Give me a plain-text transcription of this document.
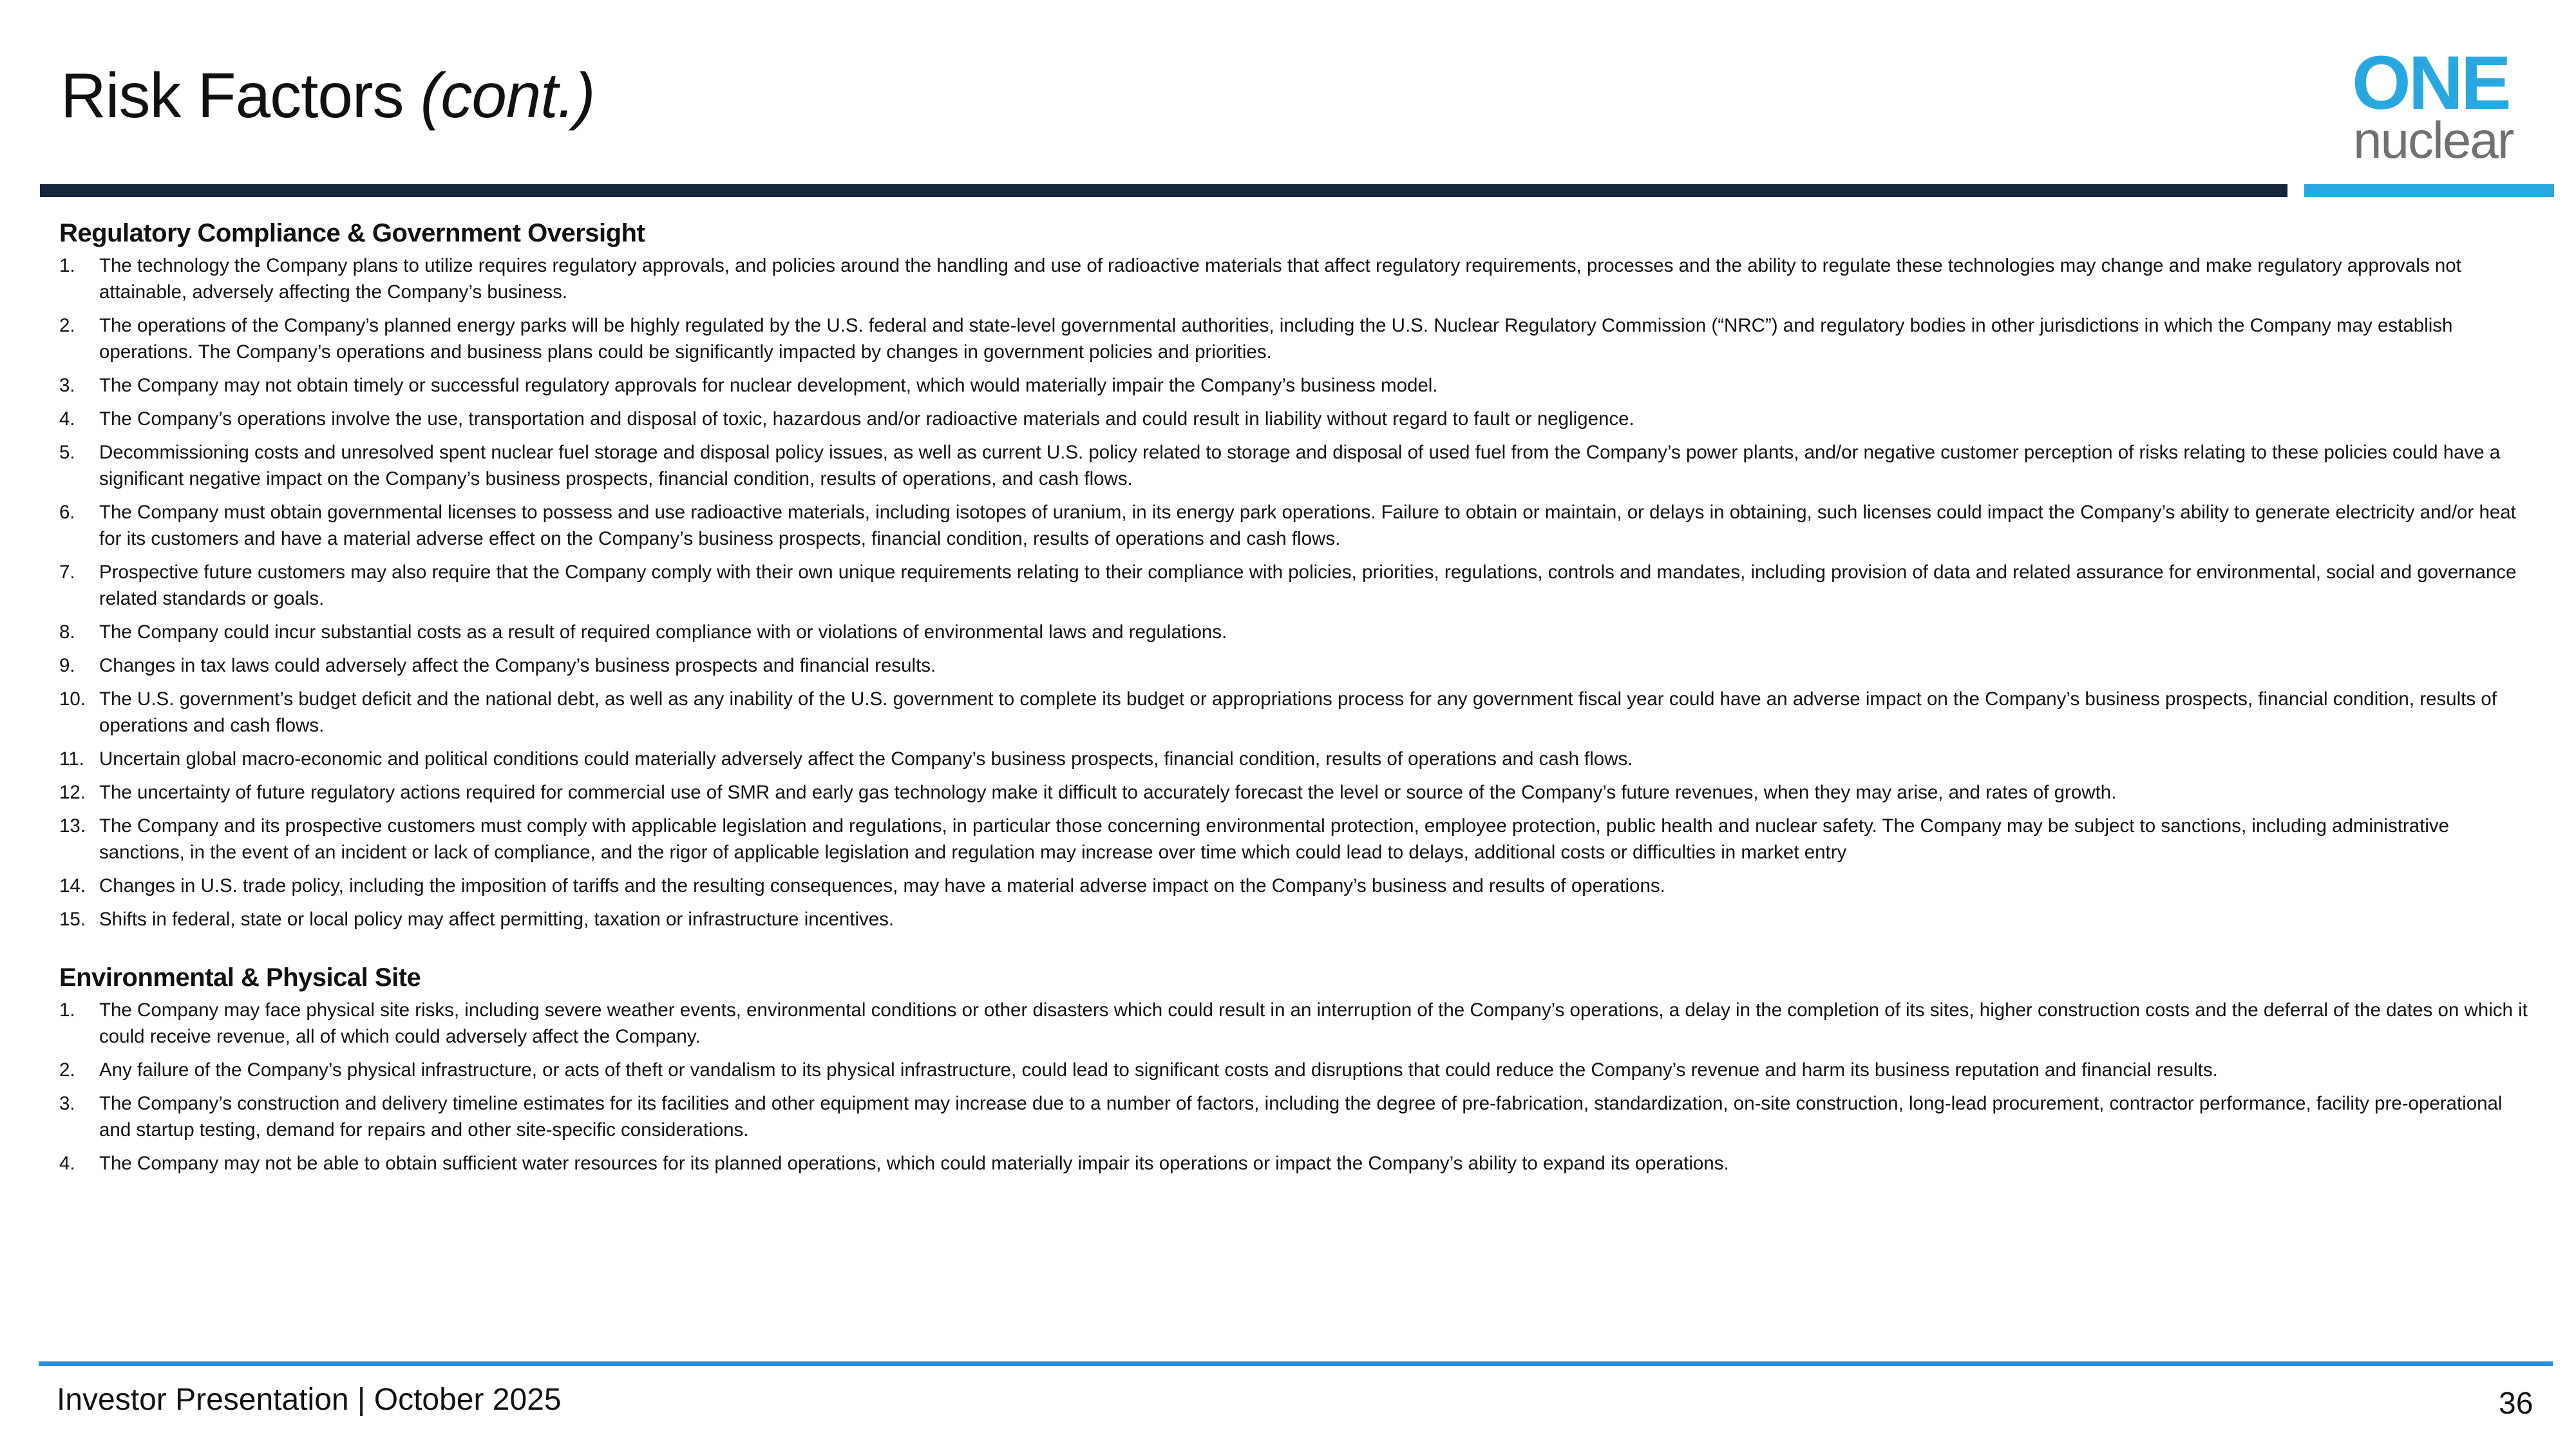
Risk Factors (cont.)	ONE
nuclear
Regulatory Compliance & Government Oversight
1. The technology the Company plans to utilize requires regulatory approvals, and policies around the handling and use of radioactive materials that affect regulatory requirements, processes and the ability to regulate these technologies may change and make regulatory approvals not attainable, adversely affecting the Company’s business.
2. The operations of the Company’s planned energy parks will be highly regulated by the U.S. federal and state-level governmental authorities, including the U.S. Nuclear Regulatory Commission (“NRC”) and regulatory bodies in other jurisdictions in which the Company may establish operations. The Company’s operations and business plans could be significantly impacted by changes in government policies and priorities.
3. The Company may not obtain timely or successful regulatory approvals for nuclear development, which would materially impair the Company’s business model.
4. The Company’s operations involve the use, transportation and disposal of toxic, hazardous and/or radioactive materials and could result in liability without regard to fault or negligence.
5. Decommissioning costs and unresolved spent nuclear fuel storage and disposal policy issues, as well as current U.S. policy related to storage and disposal of used fuel from the Company’s power plants, and/or negative customer perception of risks relating to these policies could have a significant negative impact on the Company’s business prospects, financial condition, results of operations, and cash flows.
6. The Company must obtain governmental licenses to possess and use radioactive materials, including isotopes of uranium, in its energy park operations. Failure to obtain or maintain, or delays in obtaining, such licenses could impact the Company’s ability to generate electricity and/or heat for its customers and have a material adverse effect on the Company’s business prospects, financial condition, results of operations and cash flows.
7. Prospective future customers may also require that the Company comply with their own unique requirements relating to their compliance with policies, priorities, regulations, controls and mandates, including provision of data and related assurance for environmental, social and governance related standards or goals.
8. The Company could incur substantial costs as a result of required compliance with or violations of environmental laws and regulations.
9. Changes in tax laws could adversely affect the Company’s business prospects and financial results.
10. The U.S. government’s budget deficit and the national debt, as well as any inability of the U.S. government to complete its budget or appropriations process for any government fiscal year could have an adverse impact on the Company’s business prospects, financial condition, results of operations and cash flows.
11. Uncertain global macro-economic and political conditions could materially adversely affect the Company’s business prospects, financial condition, results of operations and cash flows.
12. The uncertainty of future regulatory actions required for commercial use of SMR and early gas technology make it difficult to accurately forecast the level or source of the Company’s future revenues, when they may arise, and rates of growth.
13. The Company and its prospective customers must comply with applicable legislation and regulations, in particular those concerning environmental protection, employee protection, public health and nuclear safety. The Company may be subject to sanctions, including administrative sanctions, in the event of an incident or lack of compliance, and the rigor of applicable legislation and regulation may increase over time which could lead to delays, additional costs or difficulties in market entry
14. Changes in U.S. trade policy, including the imposition of tariffs and the resulting consequences, may have a material adverse impact on the Company’s business and results of operations.
15. Shifts in federal, state or local policy may affect permitting, taxation or infrastructure incentives.
Environmental & Physical Site
1. The Company may face physical site risks, including severe weather events, environmental conditions or other disasters which could result in an interruption of the Company’s operations, a delay in the completion of its sites, higher construction costs and the deferral of the dates on which it could receive revenue, all of which could adversely affect the Company.
2. Any failure of the Company’s physical infrastructure, or acts of theft or vandalism to its physical infrastructure, could lead to significant costs and disruptions that could reduce the Company’s revenue and harm its business reputation and financial results.
3. The Company’s construction and delivery timeline estimates for its facilities and other equipment may increase due to a number of factors, including the degree of pre-fabrication, standardization, on-site construction, long-lead procurement, contractor performance, facility pre-operational and startup testing, demand for repairs and other site-specific considerations.
4. The Company may not be able to obtain sufficient water resources for its planned operations, which could materially impair its operations or impact the Company’s ability to expand its operations.
Investor Presentation | October 2025	36
